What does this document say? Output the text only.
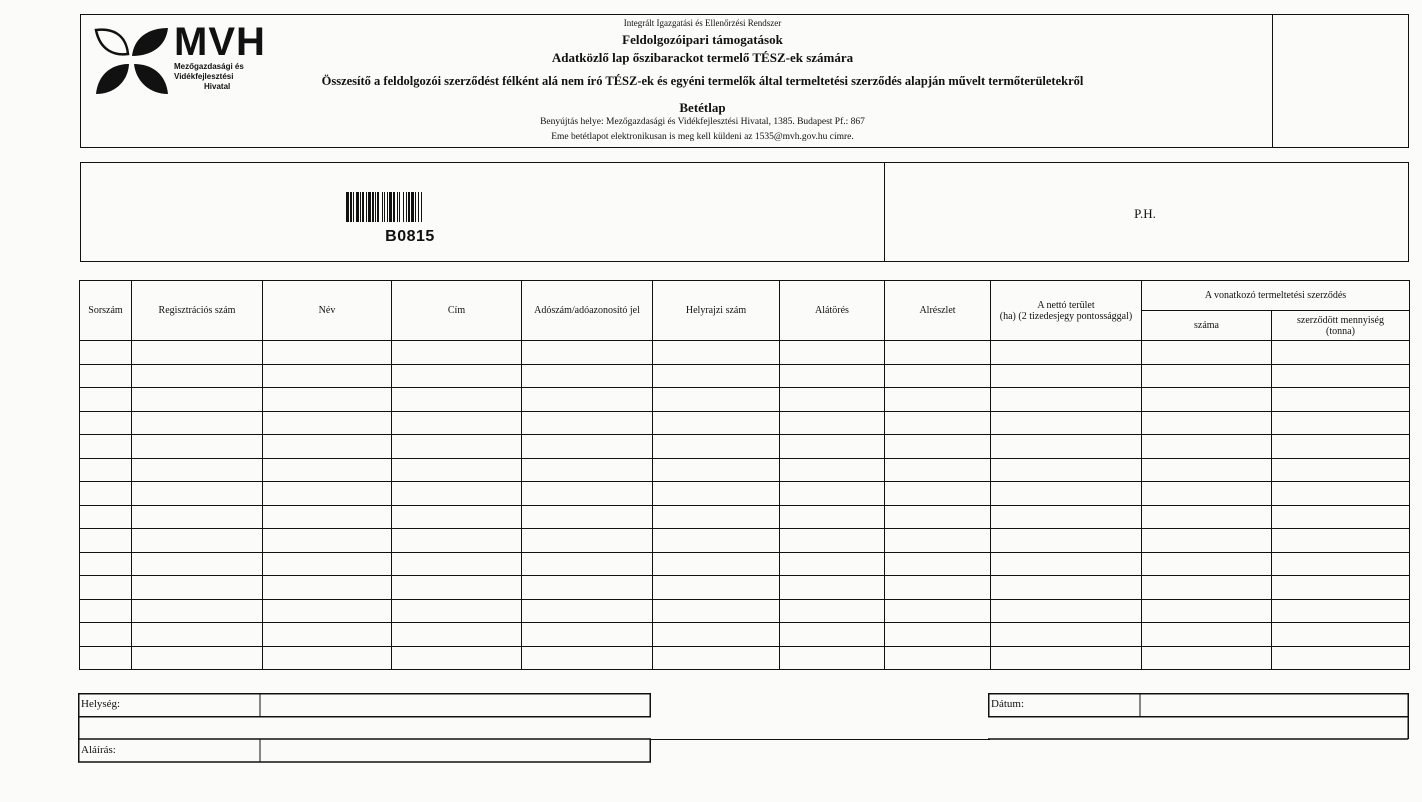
MVH
Mezőgazdasági és
Vidékfejlesztési
Hivatal
Integrált Igazgatási és Ellenőrzési Rendszer
Feldolgozóipari támogatások
Adatközlő lap őszibarackot termelő TÉSZ-ek számára
Összesítő a feldolgozói szerződést félként alá nem író TÉSZ-ek és egyéni termelők által termeltetési szerződés alapján művelt termőterületekről
Betétlap
Benyújtás helye: Mezőgazdasági és Vidékfejlesztési Hivatal, 1385. Budapest Pf.: 867
Eme betétlapot elektronikusan is meg kell küldeni az 1535@mvh.gov.hu címre.
B0815
P.H.
Sorszám	Regisztrációs szám	Név	Cím	Adószám/adóazonosító jel	Helyrajzi szám	Alátörés	Alrészlet	A nettó terület
(ha) (2 tizedesjegy pontossággal)	A vonatkozó termeltetési szerződés	
									száma	szerződött mennyiség
(tonna)

Helység:
Aláírás:
Dátum:
